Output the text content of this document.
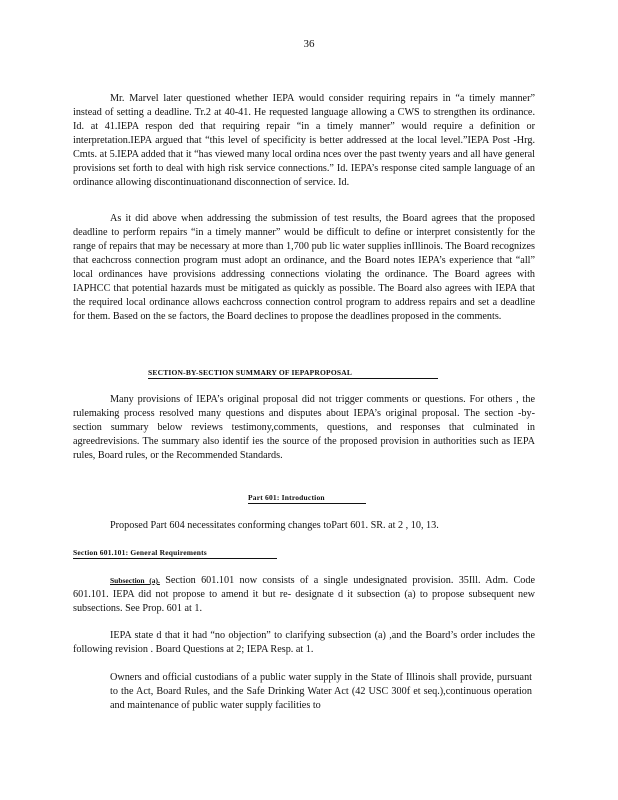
36

Mr. Marvel later questioned whether IEPA would consider requiring repairs in “a timely manner” instead of setting a deadline. Tr.2 at 40-41. He requested language allowing a CWS to strengthen its ordinance. Id. at 41.IEPA respon ded that requiring repair “in a timely manner” would require a definition or interpretation.IEPA argued that “this level of specificity is better addressed at the local level.”IEPA Post -Hrg. Cmts. at 5.IEPA added that it “has viewed many local ordina nces over the past twenty years and all have general provisions set forth to deal with high risk service connections.” Id. IEPA’s response cited sample language of an ordinance allowing discontinuationand disconnection of service. Id.

As it did above when addressing the submission of test results, the Board agrees that the proposed deadline to perform repairs “in a timely manner” would be difficult to define or interpret consistently for the range of repairs that may be necessary at more than 1,700 pub lic water supplies inIllinois. The Board recognizes that eachcross connection program must adopt an ordinance, and the Board notes IEPA’s experience that “all” local ordinances have provisions addressing connections violating the ordinance. The Board agrees with IAPHCC that potential hazards must be mitigated as quickly as possible. The Board also agrees with IEPA that the required local ordinance allows eachcross connection control program to address repairs and set a deadline for them. Based on the se factors, the Board declines to propose the deadlines proposed in the comments.

SECTION-BY-SECTION SUMMARY OF IEPAPROPOSAL

Many provisions of IEPA’s original proposal did not trigger comments or questions. For others , the rulemaking process resolved many questions and disputes about IEPA’s original proposal. The section -by-section summary below reviews testimony,comments, questions, and responses that culminated in agreedrevisions. The summary also identif ies the source of the proposed provision in authorities such as IEPA rules, Board rules, or the Recommended Standards.

Part 601: Introduction

Proposed Part 604 necessitates conforming changes toPart 601. SR. at 2 , 10, 13.

Section 601.101: General Requirements

Subsection (a). Section 601.101 now consists of a single undesignated provision. 35Ill. Adm. Code 601.101. IEPA did not propose to amend it but re- designate d it subsection (a) to propose subsequent new subsections. See Prop. 601 at 1.

IEPA state d that it had “no objection” to clarifying subsection (a) ,and the Board’s order includes the following revision . Board Questions at 2; IEPA Resp. at 1.

Owners and official custodians of a public water supply in the State of Illinois shall provide, pursuant to the Act, Board Rules, and the Safe Drinking Water Act (42 USC 300f et seq.),continuous operation and maintenance of public water supply facilities to
